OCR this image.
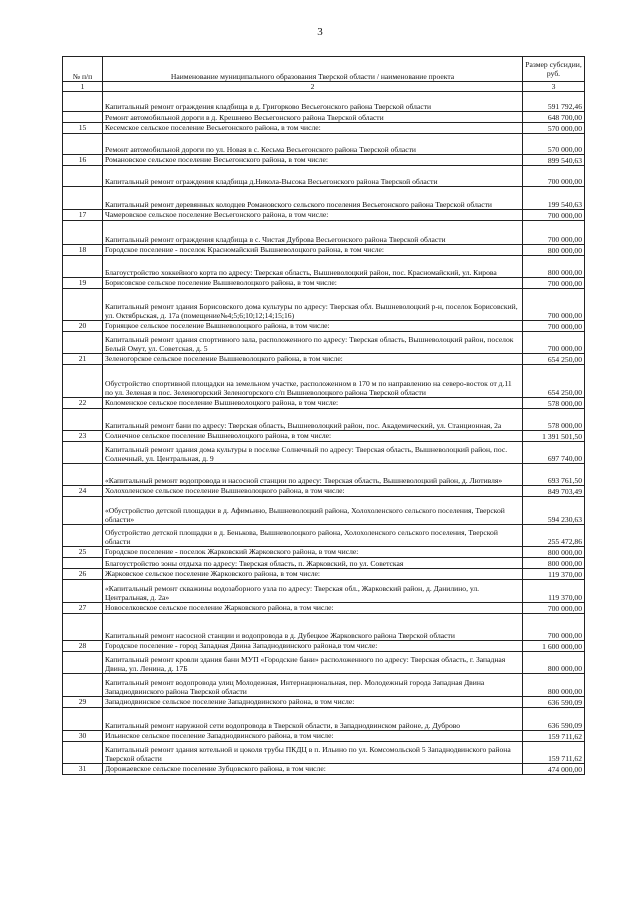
3
№ п/п	Наименование муниципального образования Тверской области / наименование проекта	Размер субсидии, руб.
1	2	3
	Капитальный ремонт ограждения кладбища в д. Григорково Весьегонского района Тверской области	591 792,46
	Ремонт автомобильной дороги в д. Крешнево Весьегонского района Тверской области	648 700,00
15	Кесемское сельское поселение Весьегонского района, в том числе:	570 000,00
	Ремонт автомобильной дороги по ул. Новая в с. Кесьма Весьегонского района Тверской области	570 000,00
16	Романовское сельское поселение Весьегонского района, в том числе:	899 540,63
	Капитальный ремонт ограждения кладбища д.Никола-Высока Весьегонского района Тверской области	700 000,00
	Капитальный ремонт деревянных колодцев Романовского сельского поселения Весьегонского района Тверской области	199 540,63
17	Чамеровское сельское поселение Весьегонского района, в том числе:	700 000,00
	Капитальный ремонт ограждения кладбища в с. Чистая Дуброва Весьегонского района Тверской области	700 000,00
18	Городское поселение - поселок Красномайский Вышневолоцкого района, в том числе:	800 000,00
	Благоустройство хоккейного корта по адресу: Тверская область, Вышневолоцкий район, пос. Красномайский, ул. Кирова	800 000,00
19	Борисовское сельское поселение Вышневолоцкого района, в том числе:	700 000,00
	Капитальный ремонт здания Борисовского дома культуры по адресу: Тверская обл. Вышневолоцкий р-н, поселок Борисовский, ул. Октябрьская, д. 17а (помещение№4;5;6;10;12;14;15;16)	700 000,00
20	Горняцкое сельское поселение Вышневолоцкого района, в том числе:	700 000,00
	Капитальный ремонт здания спортивного зала, расположенного по адресу: Тверская область, Вышневолоцкий район, поселок Белый Омут, ул. Советская, д. 5	700 000,00
21	Зеленогорское сельское поселение Вышневолоцкого района, в том числе:	654 250,00
	Обустройство спортивной площадки на земельном участке, расположенном в 170 м по направлению на северо-восток от д.11 по ул. Зеленая в пос. Зеленогорский Зеленогорского с/п Вышневолоцкого района Тверской области	654 250,00
22	Коломенское сельское поселение Вышневолоцкого района, в том числе:	578 000,00
	Капитальный ремонт бани по адресу: Тверская область, Вышневолоцкий район, пос. Академический, ул. Станционная, 2а	578 000,00
23	Солнечное сельское поселение Вышневолоцкого района, в том числе:	1 391 501,50
	Капитальный ремонт здания дома культуры в поселке Солнечный по адресу: Тверская область, Вышневолоцкий район, пос. Солнечный, ул. Центральная, д. 9	697 740,00
	«Капитальный ремонт водопровода и насосной станции по адресу: Тверская область, Вышневолоцкий район, д. Лютивля»	693 761,50
24	Холохоленское сельское поселение Вышневолоцкого района, в том числе:	849 703,49
	«Обустройство детской площадки в д. Афимьино, Вышневолоцкий района, Холохоленского сельского поселения, Тверской области»	594 230,63
	Обустройство детской площадки в д. Бенькова, Вышневолоцкого района, Холохоленского сельского поселения, Тверской области	255 472,86
25	Городское поселение - поселок Жарковский Жарковского района, в том числе:	800 000,00
	Благоустройство зоны отдыха по адресу: Тверская область, п. Жарковский, по ул. Советская	800 000,00
26	Жарковское сельское поселение Жарковского района, в том числе:	119 370,00
	«Капитальный ремонт скважины водозаборного узла по адресу: Тверская обл., Жарковский район, д. Данилино, ул. Центральная, д. 2а»	119 370,00
27	Новоселковское сельское поселение Жарковского района, в том числе:	700 000,00
	Капитальный ремонт насосной станции и водопровода в д. Дубецкое Жарковского района Тверской области	700 000,00
28	Городское поселение - город Западная Двина Западнодвинского района,в том числе:	1 600 000,00
	Капитальный ремонт кровли здания бани МУП «Городские бани» расположенного по адресу: Тверская область, г. Западная Двина, ул. Ленина, д. 17Б	800 000,00
	Капитальный ремонт водопровода улиц Молодежная, Интернациональная, пер. Молодежный города Западная Двина Западнодвинского района Тверской области	800 000,00
29	Западнодвинское сельское поселение Западнодвинского района, в том числе:	636 590,09
	Капитальный ремонт наружной сети водопровода в Тверской области, в Западнодвинском районе, д. Дуброво	636 590,09
30	Ильинское сельское поселение Западнодвинского района, в том числе:	159 711,62
	Капитальный ремонт здания котельной и цоколя трубы ПКДЦ в п. Ильино по ул. Комсомольской 5 Западнодвинского района Тверской области	159 711,62
31	Дорожаевское сельское поселение Зубцовского района, в том числе:	474 000,00
